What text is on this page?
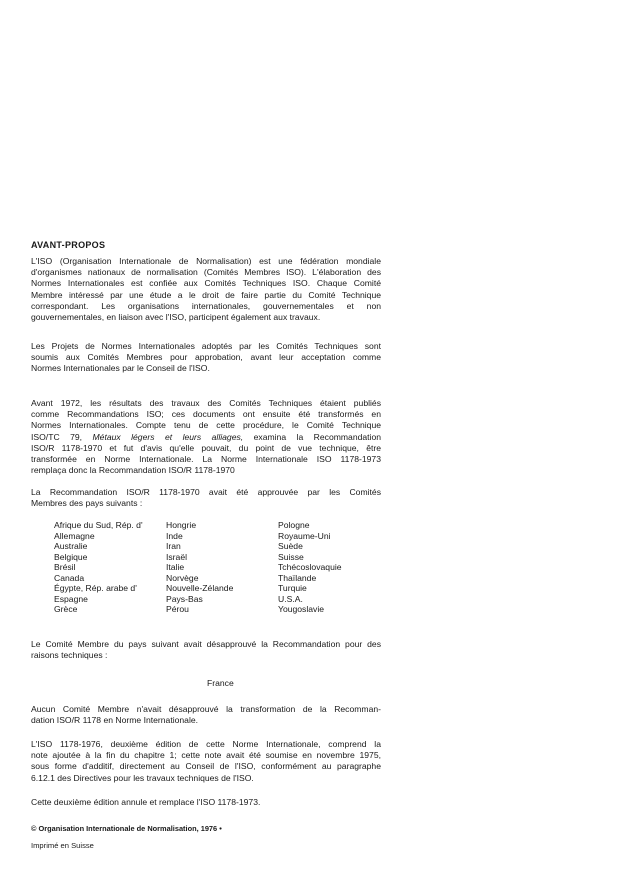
AVANT-PROPOS

L'ISO (Organisation Internationale de Normalisation) est une fédération mondiale
d'organismes nationaux de normalisation (Comités Membres ISO). L'élaboration des
Normes Internationales est confiée aux Comités Techniques ISO. Chaque Comité
Membre intéressé par une étude a le droit de faire partie du Comité Technique
correspondant. Les organisations internationales, gouvernementales et non
gouvernementales, en liaison avec l'ISO, participent également aux travaux.

Les Projets de Normes Internationales adoptés par les Comités Techniques sont
soumis aux Comités Membres pour approbation, avant leur acceptation comme
Normes Internationales par le Conseil de l'ISO.

Avant 1972, les résultats des travaux des Comités Techniques étaient publiés
comme Recommandations ISO; ces documents ont ensuite été transformés en
Normes Internationales. Compte tenu de cette procédure, le Comité Technique
ISO/TC 79, Métaux légers et leurs alliages, examina la Recommandation
ISO/R 1178-1970 et fut d'avis qu'elle pouvait, du point de vue technique, être
transformée en Norme Internationale. La Norme Internationale ISO 1178-1973
remplaça donc la Recommandation ISO/R 1178-1970

La Recommandation ISO/R 1178-1970 avait été approuvée par les Comités
Membres des pays suivants :

Afrique du Sud, Rép. d'	Hongrie	Pologne
Allemagne	Inde	Royaume-Uni
Australie	Iran	Suède
Belgique	Israël	Suisse
Brésil	Italie	Tchécoslovaquie
Canada	Norvège	Thaïlande
Égypte, Rép. arabe d'	Nouvelle-Zélande	Turquie
Espagne	Pays-Bas	U.S.A.
Grèce	Pérou	Yougoslavie

Le Comité Membre du pays suivant avait désapprouvé la Recommandation pour des
raisons techniques :

France

Aucun Comité Membre n'avait désapprouvé la transformation de la Recomman-
dation ISO/R 1178 en Norme Internationale.

L'ISO 1178-1976, deuxième édition de cette Norme Internationale, comprend la
note ajoutée à la fin du chapitre 1; cette note avait été soumise en novembre 1975,
sous forme d'additif, directement au Conseil de l'ISO, conformément au paragraphe
6.12.1 des Directives pour les travaux techniques de l'ISO.

Cette deuxième édition annule et remplace l'ISO 1178-1973.

© Organisation Internationale de Normalisation, 1976 •
Imprimé en Suisse
